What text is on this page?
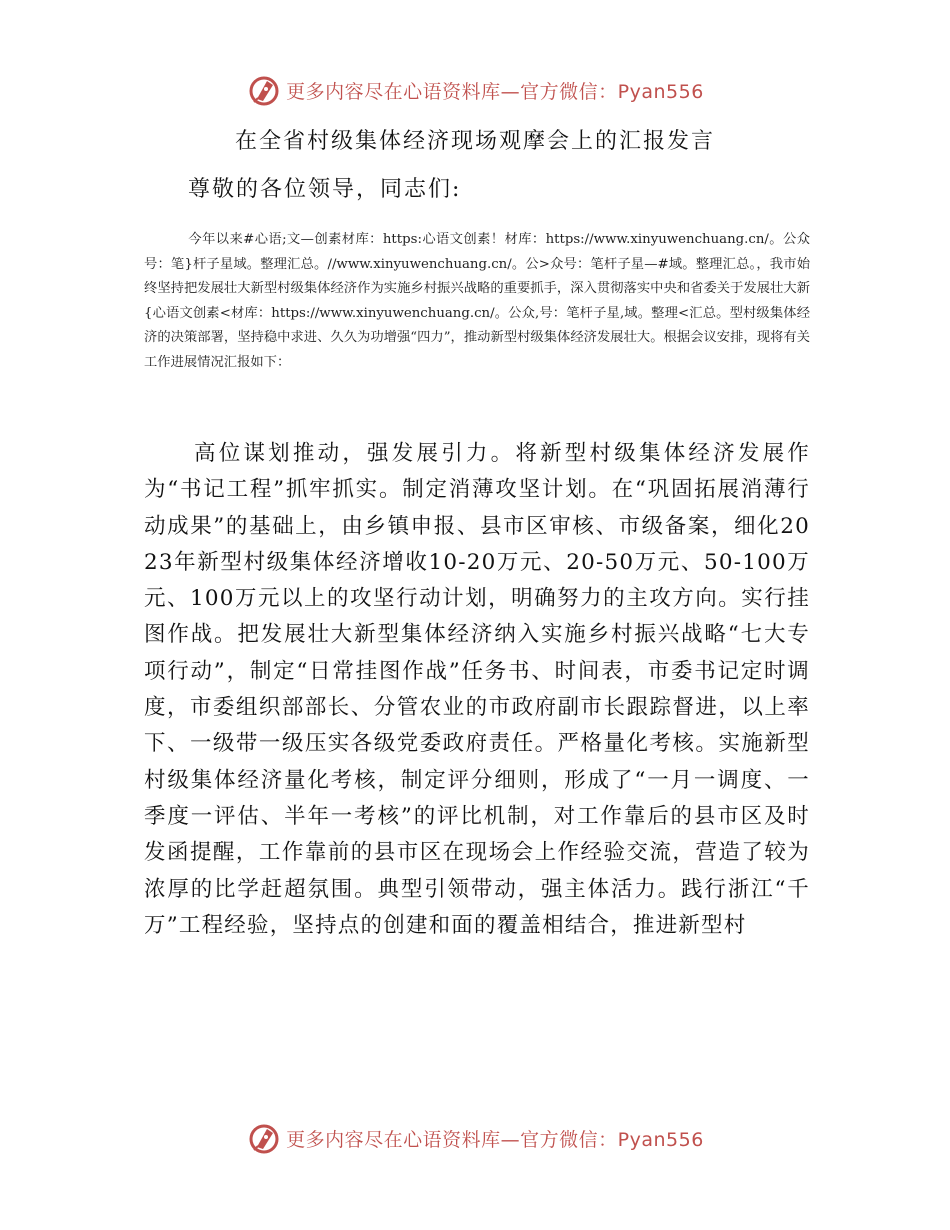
更多内容尽在心语资料库—官方微信：Pyan556
在全省村级集体经济现场观摩会上的汇报发言
尊敬的各位领导，同志们:
今年以来#心语;文—创素材库：https:心语文创素！材库：https://www.xinyuwenchuang.cn/。公众号：笔}杆子星域。整理汇总。//www.xinyuwenchuang.cn/。公>众号：笔杆子星—#域。整理汇总。，我市始终坚持把发展壮大新型村级集体经济作为实施乡村振兴战略的重要抓手，深入贯彻落实中央和省委关于发展壮大新{心语文创素<材库：https://www.xinyuwenchuang.cn/。公众,号：笔杆子星,域。整理<汇总。型村级集体经济的决策部署，坚持稳中求进、久久为功增强“四力”，推动新型村级集体经济发展壮大。根据会议安排，现将有关工作进展情况汇报如下：
高位谋划推动，强发展引力。将新型村级集体经济发展作为“书记工程”抓牢抓实。制定消薄攻坚计划。在“巩固拓展消薄行动成果”的基础上，由乡镇申报、县市区审核、市级备案，细化2023年新型村级集体经济增收10-20万元、20-50万元、50-100万元、100万元以上的攻坚行动计划，明确努力的主攻方向。实行挂图作战。把发展壮大新型集体经济纳入实施乡村振兴战略“七大专项行动”，制定“日常挂图作战”任务书、时间表，市委书记定时调度，市委组织部部长、分管农业的市政府副市长跟踪督进，以上率下、一级带一级压实各级党委政府责任。严格量化考核。实施新型村级集体经济量化考核，制定评分细则，形成了“一月一调度、一季度一评估、半年一考核”的评比机制，对工作靠后的县市区及时发函提醒，工作靠前的县市区在现场会上作经验交流，营造了较为浓厚的比学赶超氛围。典型引领带动，强主体活力。践行浙江“千万”工程经验，坚持点的创建和面的覆盖相结合，推进新型村
更多内容尽在心语资料库—官方微信：Pyan556
